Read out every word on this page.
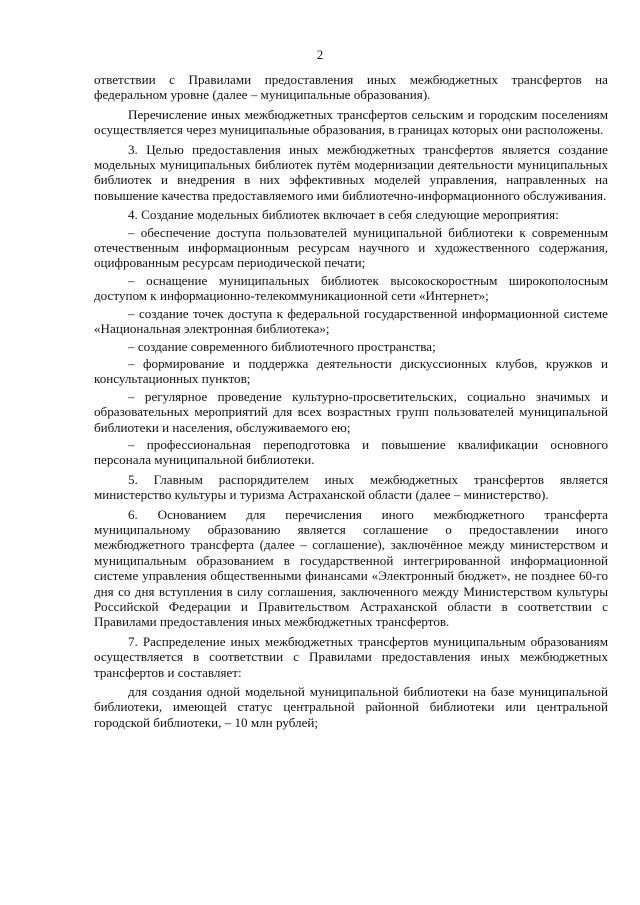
2

ответствии с Правилами предоставления иных межбюджетных трансфертов на федеральном уровне (далее – муниципальные образования).

Перечисление иных межбюджетных трансфертов сельским и городским поселениям осуществляется через муниципальные образования, в границах которых они расположены.

3. Целью предоставления иных межбюджетных трансфертов является создание модельных муниципальных библиотек путём модернизации деятельности муниципальных библиотек и внедрения в них эффективных моделей управления, направленных на повышение качества предоставляемого ими библиотечно-информационного обслуживания.

4. Создание модельных библиотек включает в себя следующие мероприятия:

– обеспечение доступа пользователей муниципальной библиотеки к современным отечественным информационным ресурсам научного и художественного содержания, оцифрованным ресурсам периодической печати;

– оснащение муниципальных библиотек высокоскоростным широкополосным доступом к информационно-телекоммуникационной сети «Интернет»;

– создание точек доступа к федеральной государственной информационной системе «Национальная электронная библиотека»;

– создание современного библиотечного пространства;

– формирование и поддержка деятельности дискуссионных клубов, кружков и консультационных пунктов;

– регулярное проведение культурно-просветительских, социально значимых и образовательных мероприятий для всех возрастных групп пользователей муниципальной библиотеки и населения, обслуживаемого ею;

– профессиональная переподготовка и повышение квалификации основного персонала муниципальной библиотеки.

5. Главным распорядителем иных межбюджетных трансфертов является министерство культуры и туризма Астраханской области (далее – министерство).

6. Основанием для перечисления иного межбюджетного трансферта муниципальному образованию является соглашение о предоставлении иного межбюджетного трансферта (далее – соглашение), заключённое между министерством и муниципальным образованием в государственной интегрированной информационной системе управления общественными финансами «Электронный бюджет», не позднее 60-го дня со дня вступления в силу соглашения, заключенного между Министерством культуры Российской Федерации и Правительством Астраханской области в соответствии с Правилами предоставления иных межбюджетных трансфертов.

7. Распределение иных межбюджетных трансфертов муниципальным образованиям осуществляется в соответствии с Правилами предоставления иных межбюджетных трансфертов и составляет:

для создания одной модельной муниципальной библиотеки на базе муниципальной библиотеки, имеющей статус центральной районной библиотеки или центральной городской библиотеки, – 10 млн рублей;
